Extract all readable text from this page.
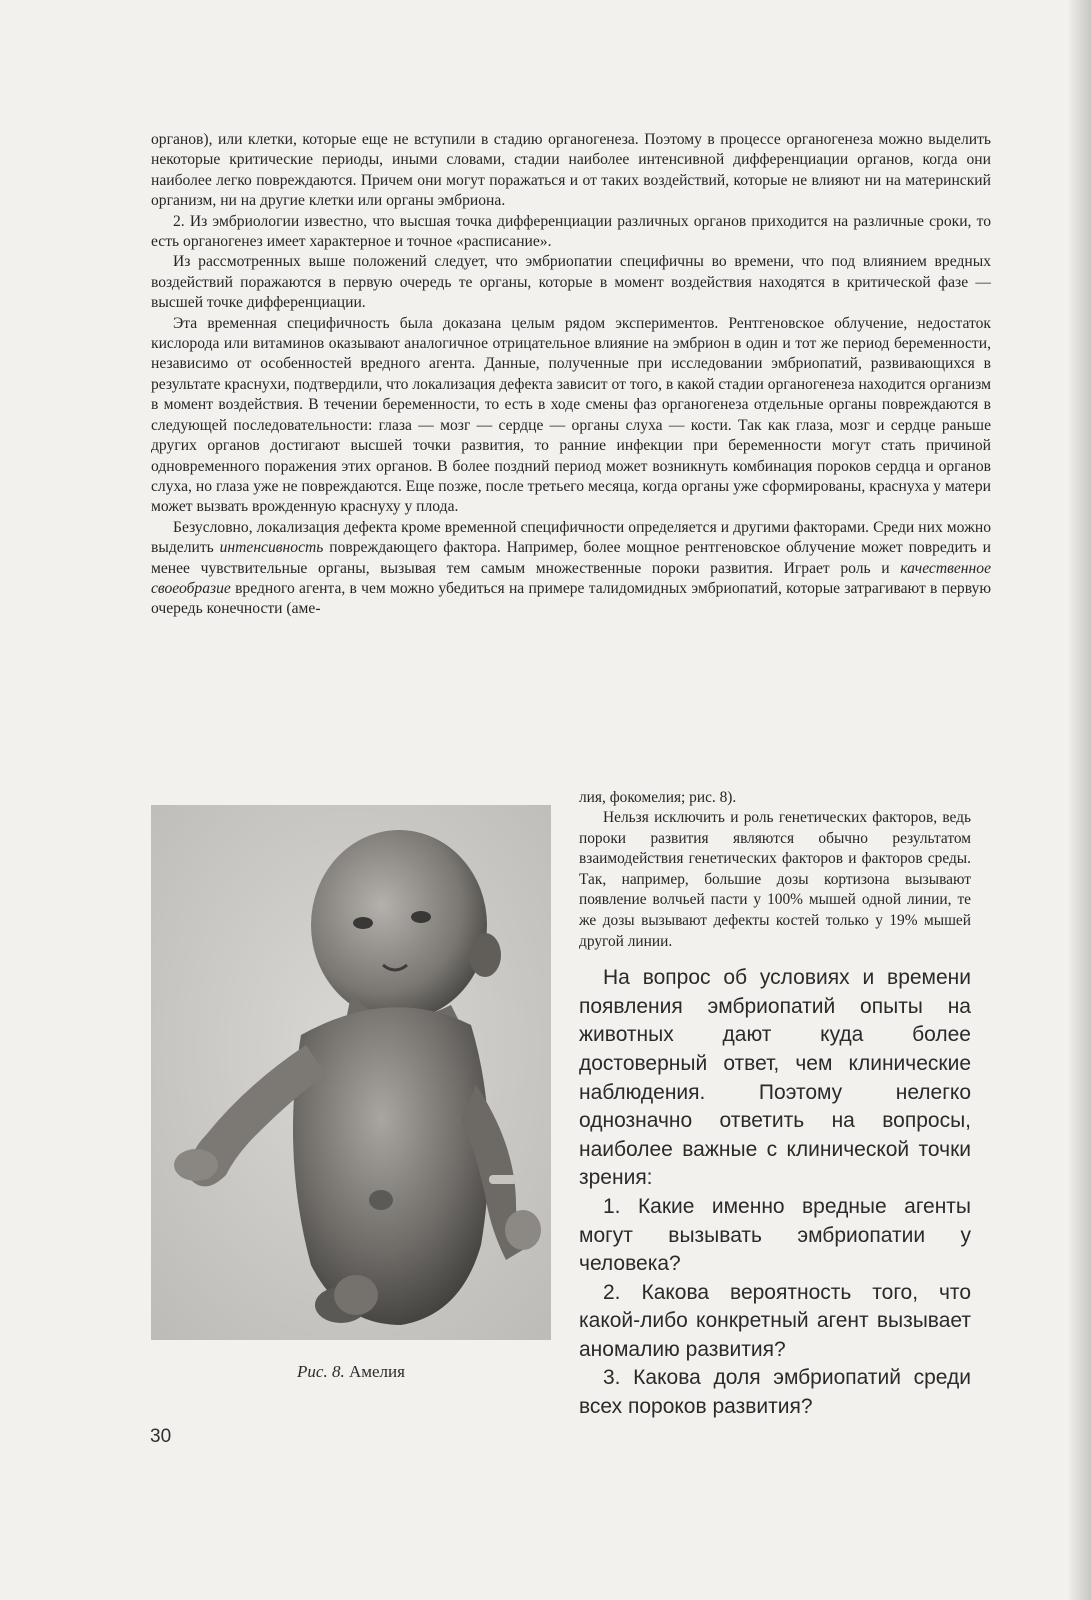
органов), или клетки, которые еще не вступили в стадию органогенеза. Поэтому в процессе органогенеза можно выделить некоторые критические периоды, иными словами, стадии наиболее интенсивной дифференциации органов, когда они наиболее легко повреждаются. Причем они могут поражаться и от таких воздействий, которые не влияют ни на материнский организм, ни на другие клетки или органы эмбриона.

2. Из эмбриологии известно, что высшая точка дифференциации различных органов приходится на различные сроки, то есть органогенез имеет характерное и точное «расписание».

Из рассмотренных выше положений следует, что эмбриопатии специфичны во времени, что под влиянием вредных воздействий поражаются в первую очередь те органы, которые в момент воздействия находятся в критической фазе — высшей точке дифференциации.

Эта временная специфичность была доказана целым рядом экспериментов. Рентгеновское облучение, недостаток кислорода или витаминов оказывают аналогичное отрицательное влияние на эмбрион в один и тот же период беременности, независимо от особенностей вредного агента. Данные, полученные при исследовании эмбриопатий, развивающихся в результате краснухи, подтвердили, что локализация дефекта зависит от того, в какой стадии органогенеза находится организм в момент воздействия. В течении беременности, то есть в ходе смены фаз органогенеза отдельные органы повреждаются в следующей последовательности: глаза — мозг — сердце — органы слуха — кости. Так как глаза, мозг и сердце раньше других органов достигают высшей точки развития, то ранние инфекции при беременности могут стать причиной одновременного поражения этих органов. В более поздний период может возникнуть комбинация пороков сердца и органов слуха, но глаза уже не повреждаются. Еще позже, после третьего месяца, когда органы уже сформированы, краснуха у матери может вызвать врожденную краснуху у плода.

Безусловно, локализация дефекта кроме временной специфичности определяется и другими факторами. Среди них можно выделить интенсивность повреждающего фактора. Например, более мощное рентгеновское облучение может повредить и менее чувствительные органы, вызывая тем самым множественные пороки развития. Играет роль и качественное своеобразие вредного агента, в чем можно убедиться на примере талидомидных эмбриопатий, которые затрагивают в первую очередь конечности (аме-

лия, фокомелия; рис. 8).
Рис. 8. Амелия

Нельзя исключить и роль генетических факторов, ведь пороки развития являются обычно результатом взаимодействия генетических факторов и факторов среды. Так, например, большие дозы кортизона вызывают появление волчьей пасти у 100% мышей одной линии, те же дозы вызывают дефекты костей только у 19% мышей другой линии.

На вопрос об условиях и времени появления эмбриопатий опыты на животных дают куда более достоверный ответ, чем клинические наблюдения. Поэтому нелегко однозначно ответить на вопросы, наиболее важные с клинической точки зрения:

1. Какие именно вредные агенты могут вызывать эмбриопатии у человека?

2. Какова вероятность того, что какой-либо конкретный агент вызывает аномалию развития?

3. Какова доля эмбриопатий среди всех пороков развития?

30
